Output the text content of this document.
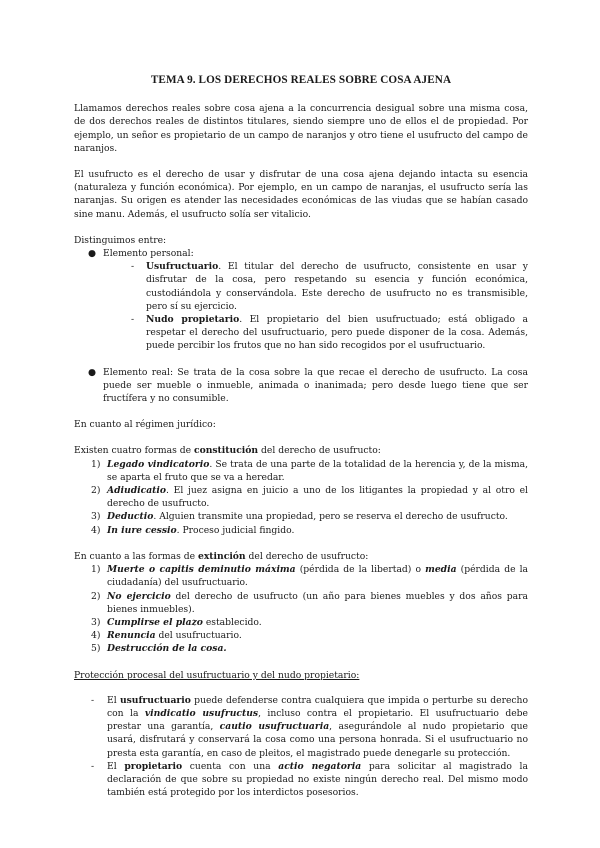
TEMA 9. LOS DERECHOS REALES SOBRE COSA AJENA

Llamamos derechos reales sobre cosa ajena a la concurrencia desigual sobre una misma cosa, de dos derechos reales de distintos titulares, siendo siempre uno de ellos el de propiedad. Por ejemplo, un señor es propietario de un campo de naranjos y otro tiene el usufructo del campo de naranjos.

El usufructo es el derecho de usar y disfrutar de una cosa ajena dejando intacta su esencia (naturaleza y función económica). Por ejemplo, en un campo de naranjas, el usufructo sería las naranjas. Su origen es atender las necesidades económicas de las viudas que se habían casado sine manu. Además, el usufructo solía ser vitalicio.

Distinguimos entre:

● Elemento personal:
- Usufructuario. El titular del derecho de usufructo, consistente en usar y disfrutar de la cosa, pero respetando su esencia y función económica, custodiándola y conservándola. Este derecho de usufructo no es transmisible, pero sí su ejercicio.
- Nudo propietario. El propietario del bien usufructuado; está obligado a respetar el derecho del usufructuario, pero puede disponer de la cosa. Además, puede percibir los frutos que no han sido recogidos por el usufructuario.
● Elemento real: Se trata de la cosa sobre la que recae el derecho de usufructo. La cosa puede ser mueble o inmueble, animada o inanimada; pero desde luego tiene que ser fructífera y no consumible.

En cuanto al régimen jurídico:

Existen cuatro formas de constitución del derecho de usufructo:

1) Legado vindicatorio. Se trata de una parte de la totalidad de la herencia y, de la misma, se aparta el fruto que se va a heredar.
2) Adiudicatio. El juez asigna en juicio a uno de los litigantes la propiedad y al otro el derecho de usufructo.
3) Deductio. Alguien transmite una propiedad, pero se reserva el derecho de usufructo.
4) In iure cessio. Proceso judicial fingido.

En cuanto a las formas de extinción del derecho de usufructo:

1) Muerte o capitis deminutio máxima (pérdida de la libertad) o media (pérdida de la ciudadanía) del usufructuario.
2) No ejercicio del derecho de usufructo (un año para bienes muebles y dos años para bienes inmuebles).
3) Cumplirse el plazo establecido.
4) Renuncia del usufructuario.
5) Destrucción de la cosa.

Protección procesal del usufructuario y del nudo propietario:

- El usufructuario puede defenderse contra cualquiera que impida o perturbe su derecho con la vindicatio usufructus, incluso contra el propietario. El usufructuario debe prestar una garantía, cautio usufructuaria, asegurándole al nudo propietario que usará, disfrutará y conservará la cosa como una persona honrada. Si el usufructuario no presta esta garantía, en caso de pleitos, el magistrado puede denegarle su protección.
- El propietario cuenta con una actio negatoria para solicitar al magistrado la declaración de que sobre su propiedad no existe ningún derecho real. Del mismo modo también está protegido por los interdictos posesorios.
